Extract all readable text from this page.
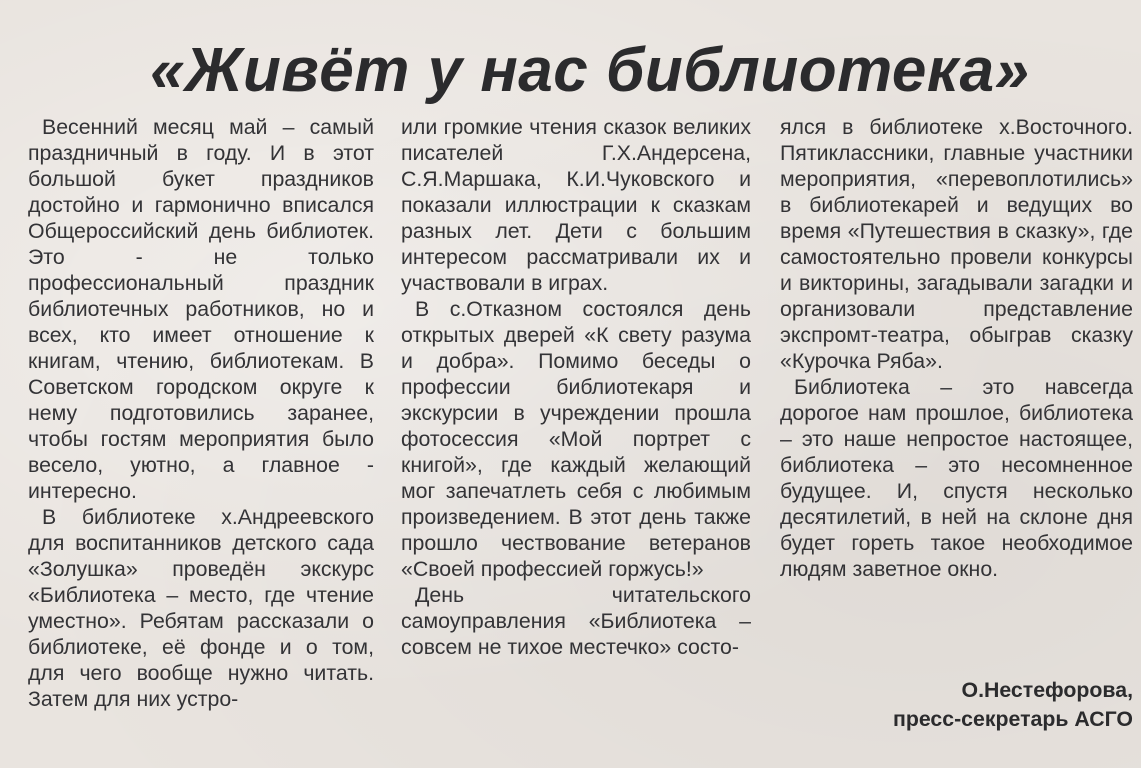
«Живёт у нас библиотека»

Весенний месяц май – самый праздничный в году. И в этот большой букет праздников достойно и гармонично вписался Общероссийский день библиотек. Это - не только профессиональный праздник библиотечных работников, но и всех, кто имеет отношение к книгам, чтению, библиотекам. В Советском городском округе к нему подготовились заранее, чтобы гостям мероприятия было весело, уютно, а главное - интересно.

В библиотеке х.Андреевского для воспитанников детского сада «Золушка» проведён экскурс «Библиотека – место, где чтение уместно». Ребятам рассказали о библиотеке, её фонде и о том, для чего вообще нужно читать. Затем для них устро-

или громкие чтения сказок великих писателей Г.Х.Андерсена, С.Я.Маршака, К.И.Чуковского и показали иллюстрации к сказкам разных лет. Дети с большим интересом рассматривали их и участвовали в играх.

В с.Отказном состоялся день открытых дверей «К свету разума и добра». Помимо беседы о профессии библиотекаря и экскурсии в учреждении прошла фотосессия «Мой портрет с книгой», где каждый желающий мог запечатлеть себя с любимым произведением. В этот день также прошло чествование ветеранов «Своей профессией горжусь!»

День читательского самоуправления «Библиотека – совсем не тихое местечко» состо-

ялся в библиотеке х.Восточного. Пятиклассники, главные участники мероприятия, «перевоплотились» в библиотекарей и ведущих во время «Путешествия в сказку», где самостоятельно провели конкурсы и викторины, загадывали загадки и организовали представление экспромт-театра, обыграв сказку «Курочка Ряба».

Библиотека – это навсегда дорогое нам прошлое, библиотека – это наше непростое настоящее, библиотека – это несомненное будущее. И, спустя несколько десятилетий, в ней на склоне дня будет гореть такое необходимое людям заветное окно.

О.Нестефорова,
пресс-секретарь АСГО
